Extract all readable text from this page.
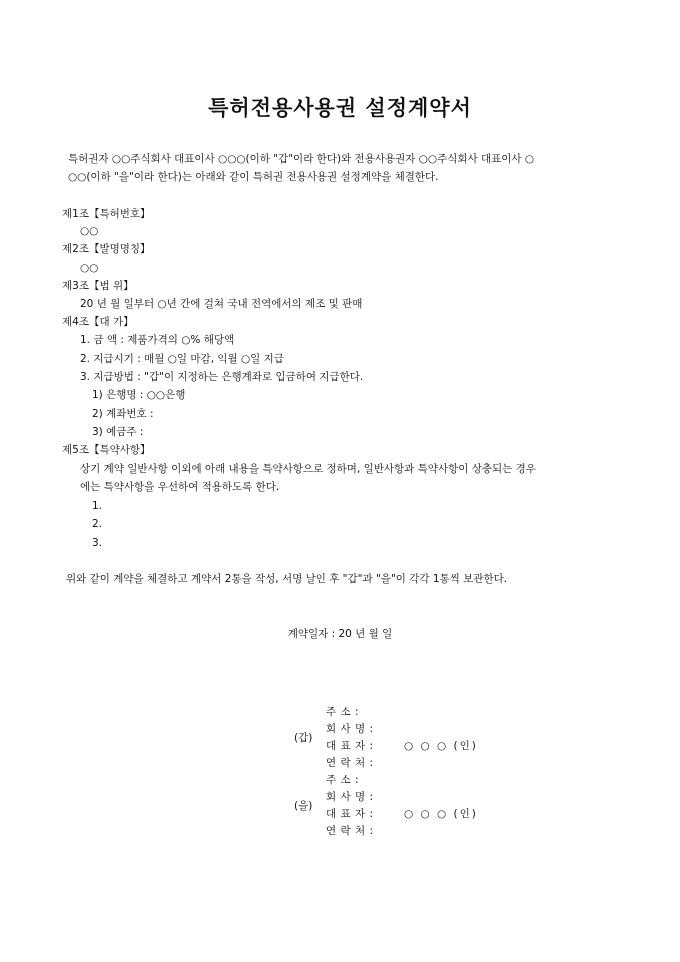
특허전용사용권 설정계약서

특허권자 ○○주식회사 대표이사 ○○○(이하 "갑"이라 한다)와 전용사용권자 ○○주식회사 대표이사 ○

○○(이하 "을"이라 한다)는 아래와 같이 특허권 전용사용권 설정계약을 체결한다.

제1조【특허번호】
○○
제2조【발명명칭】
○○
제3조【범 위】
20 년 월 일부터 ○년 간에 걸쳐 국내 전역에서의 제조 및 판매
제4조【대 가】
1. 금 액 : 제품가격의 ○% 해당액
2. 지급시기 : 매월 ○일 마감, 익월 ○일 지급
3. 지급방법 : "갑"이 지정하는 은행계좌로 입금하여 지급한다.
1) 은행명 : ○○은행
2) 계좌번호 :
3) 예금주 :
제5조【특약사항】
상기 계약 일반사항 이외에 아래 내용을 특약사항으로 정하며, 일반사항과 특약사항이 상충되는 경우
에는 특약사항을 우선하여 적용하도록 한다.
1.
2.
3.
위와 같이 계약을 체결하고 계약서 2통을 작성, 서명 날인 후 "갑"과 "을"이 각각 1통씩 보관한다.
계약일자 : 20 년 월 일
(갑)
주 소 :
회 사 명 :
대 표 자 :	○ ○ ○ (인)
연 락 처 :
(을)
주 소 :
회 사 명 :
대 표 자 :	○ ○ ○ (인)
연 락 처 :
